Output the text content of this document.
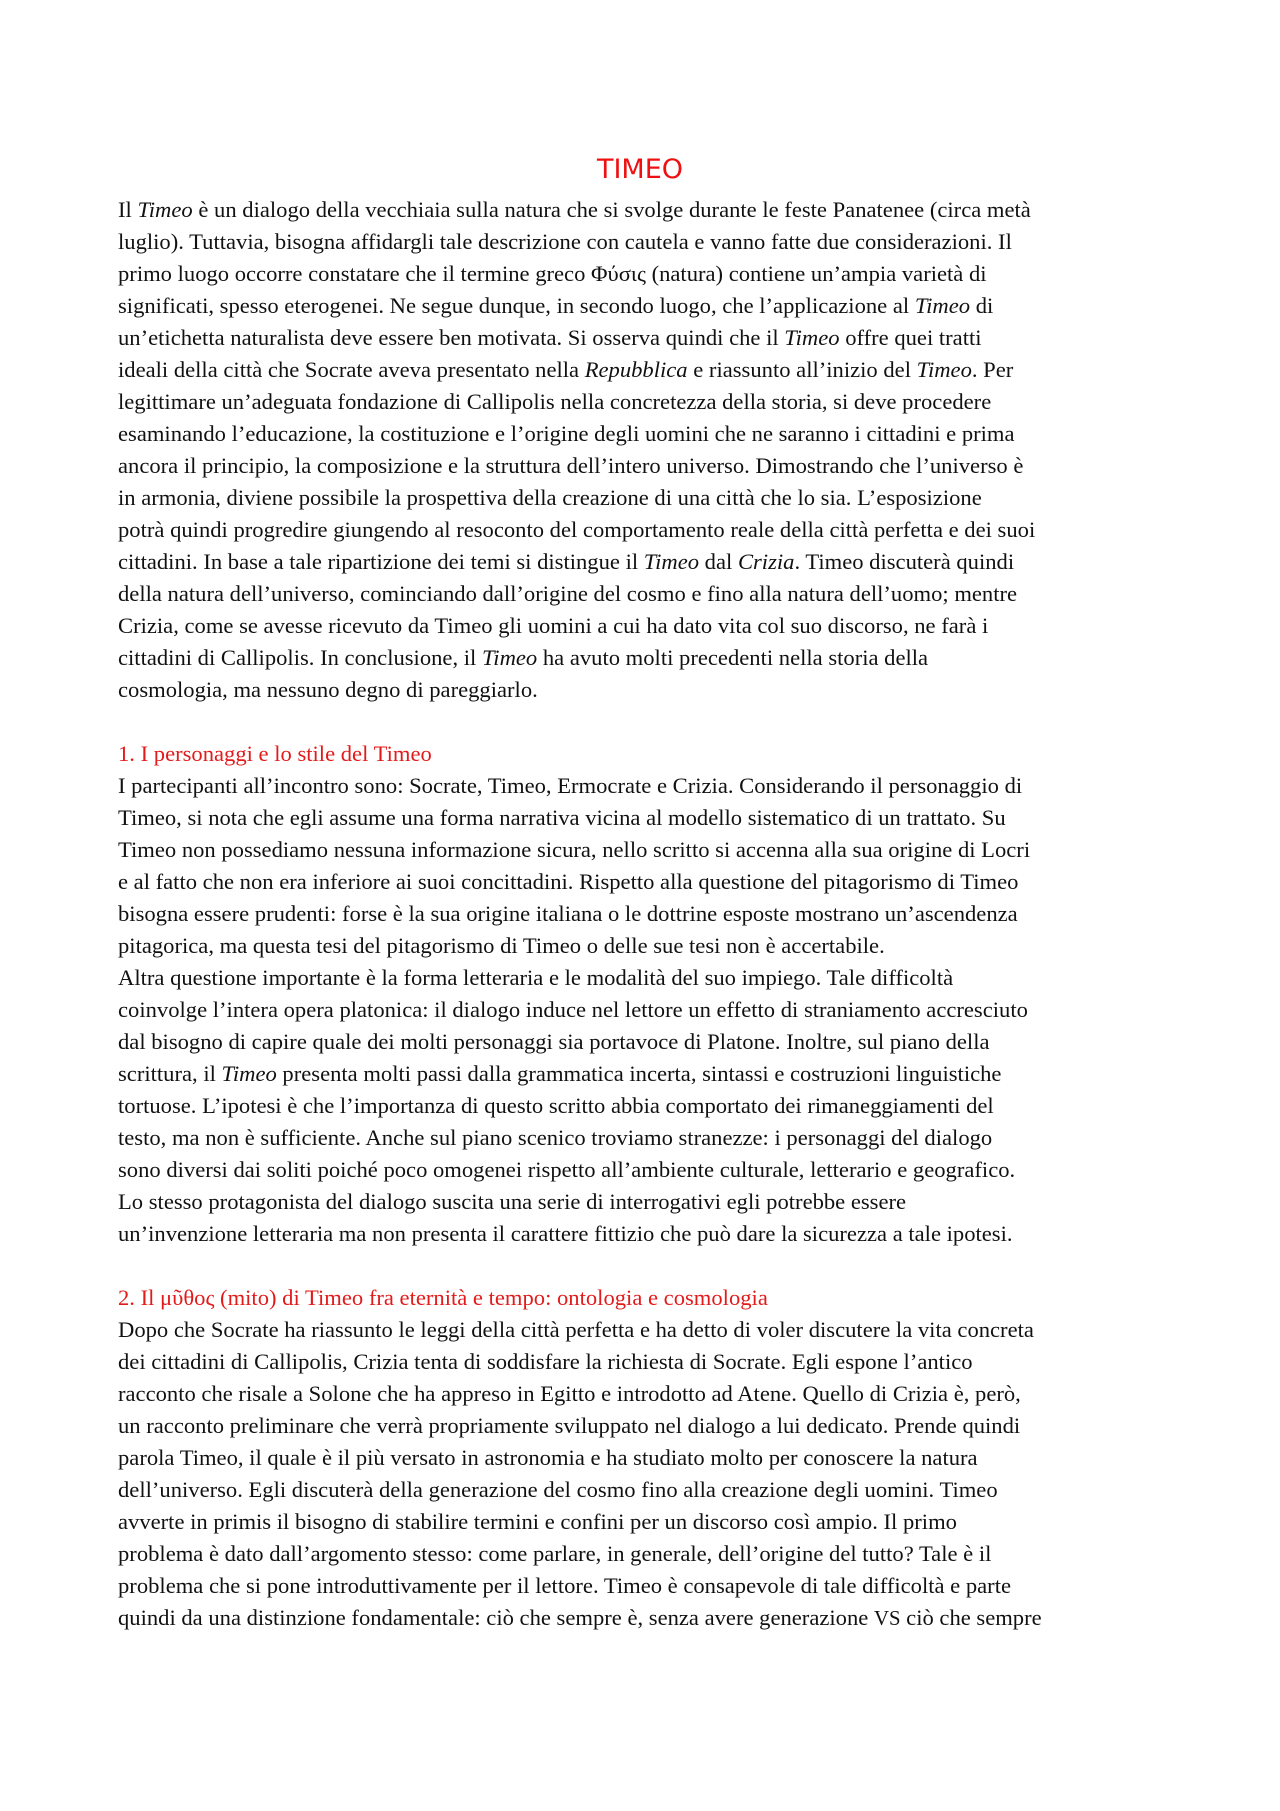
TIMEO
Il Timeo è un dialogo della vecchiaia sulla natura che si svolge durante le feste Panatenee (circa metà
luglio). Tuttavia, bisogna affidargli tale descrizione con cautela e vanno fatte due considerazioni. Il
primo luogo occorre constatare che il termine greco Φύσις (natura) contiene un’ampia varietà di
significati, spesso eterogenei. Ne segue dunque, in secondo luogo, che l’applicazione al Timeo di
un’etichetta naturalista deve essere ben motivata. Si osserva quindi che il Timeo offre quei tratti
ideali della città che Socrate aveva presentato nella Repubblica e riassunto all’inizio del Timeo. Per
legittimare un’adeguata fondazione di Callipolis nella concretezza della storia, si deve procedere
esaminando l’educazione, la costituzione e l’origine degli uomini che ne saranno i cittadini e prima
ancora il principio, la composizione e la struttura dell’intero universo. Dimostrando che l’universo è
in armonia, diviene possibile la prospettiva della creazione di una città che lo sia. L’esposizione
potrà quindi progredire giungendo al resoconto del comportamento reale della città perfetta e dei suoi
cittadini. In base a tale ripartizione dei temi si distingue il Timeo dal Crizia. Timeo discuterà quindi
della natura dell’universo, cominciando dall’origine del cosmo e fino alla natura dell’uomo; mentre
Crizia, come se avesse ricevuto da Timeo gli uomini a cui ha dato vita col suo discorso, ne farà i
cittadini di Callipolis. In conclusione, il Timeo ha avuto molti precedenti nella storia della
cosmologia, ma nessuno degno di pareggiarlo.
1. I personaggi e lo stile del Timeo
I partecipanti all’incontro sono: Socrate, Timeo, Ermocrate e Crizia. Considerando il personaggio di
Timeo, si nota che egli assume una forma narrativa vicina al modello sistematico di un trattato. Su
Timeo non possediamo nessuna informazione sicura, nello scritto si accenna alla sua origine di Locri
e al fatto che non era inferiore ai suoi concittadini. Rispetto alla questione del pitagorismo di Timeo
bisogna essere prudenti: forse è la sua origine italiana o le dottrine esposte mostrano un’ascendenza
pitagorica, ma questa tesi del pitagorismo di Timeo o delle sue tesi non è accertabile.
Altra questione importante è la forma letteraria e le modalità del suo impiego. Tale difficoltà
coinvolge l’intera opera platonica: il dialogo induce nel lettore un effetto di straniamento accresciuto
dal bisogno di capire quale dei molti personaggi sia portavoce di Platone. Inoltre, sul piano della
scrittura, il Timeo presenta molti passi dalla grammatica incerta, sintassi e costruzioni linguistiche
tortuose. L’ipotesi è che l’importanza di questo scritto abbia comportato dei rimaneggiamenti del
testo, ma non è sufficiente. Anche sul piano scenico troviamo stranezze: i personaggi del dialogo
sono diversi dai soliti poiché poco omogenei rispetto all’ambiente culturale, letterario e geografico.
Lo stesso protagonista del dialogo suscita una serie di interrogativi egli potrebbe essere
un’invenzione letteraria ma non presenta il carattere fittizio che può dare la sicurezza a tale ipotesi.
2. Il μῦθος (mito) di Timeo fra eternità e tempo: ontologia e cosmologia
Dopo che Socrate ha riassunto le leggi della città perfetta e ha detto di voler discutere la vita concreta
dei cittadini di Callipolis, Crizia tenta di soddisfare la richiesta di Socrate. Egli espone l’antico
racconto che risale a Solone che ha appreso in Egitto e introdotto ad Atene. Quello di Crizia è, però,
un racconto preliminare che verrà propriamente sviluppato nel dialogo a lui dedicato. Prende quindi
parola Timeo, il quale è il più versato in astronomia e ha studiato molto per conoscere la natura
dell’universo. Egli discuterà della generazione del cosmo fino alla creazione degli uomini. Timeo
avverte in primis il bisogno di stabilire termini e confini per un discorso così ampio. Il primo
problema è dato dall’argomento stesso: come parlare, in generale, dell’origine del tutto? Tale è il
problema che si pone introduttivamente per il lettore. Timeo è consapevole di tale difficoltà e parte
quindi da una distinzione fondamentale: ciò che sempre è, senza avere generazione VS ciò che sempre
